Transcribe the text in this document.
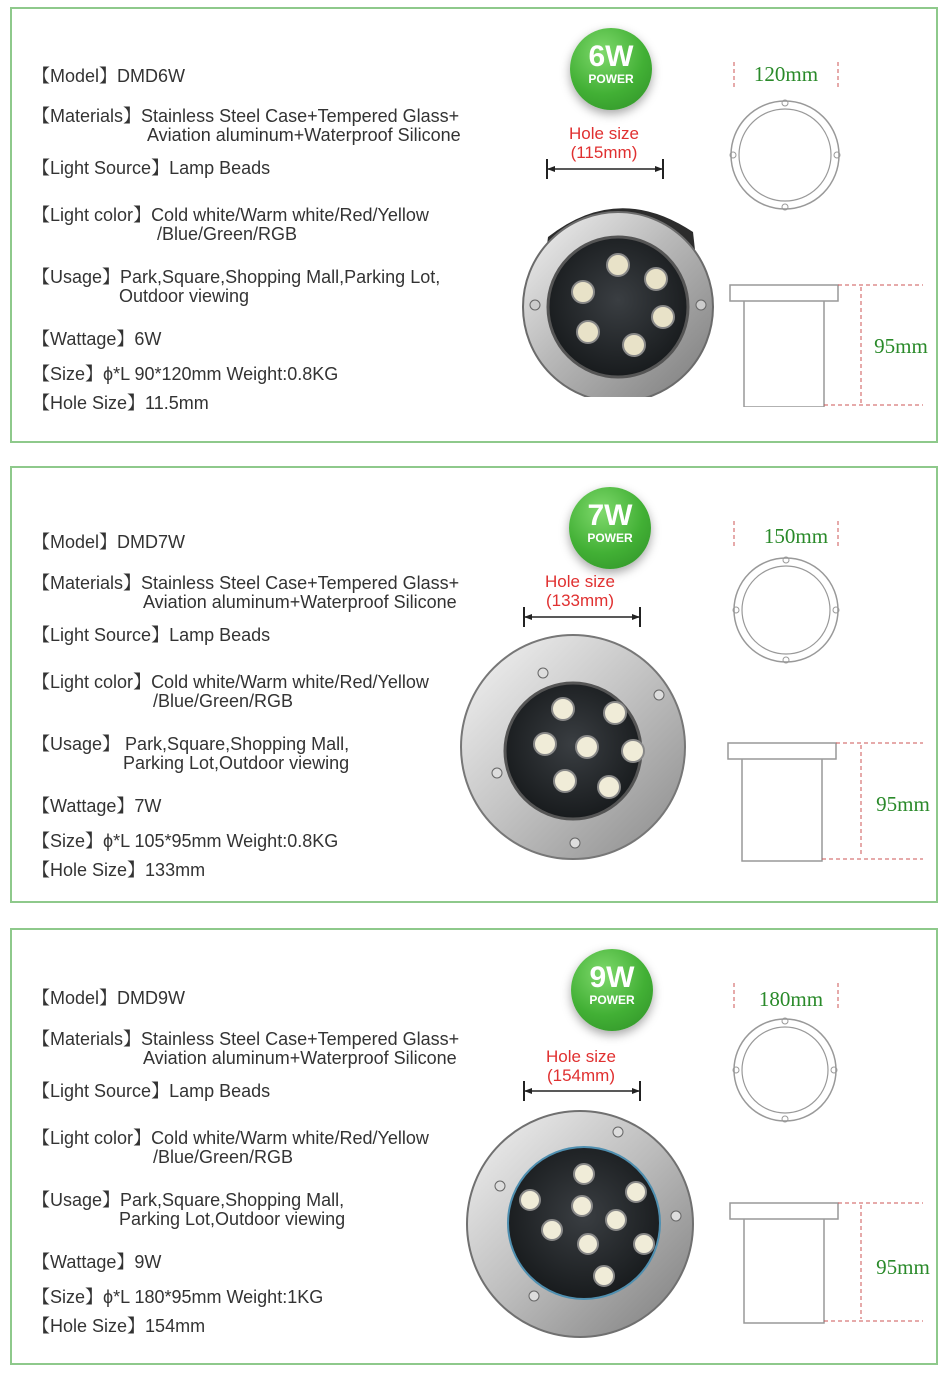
【Model】DMD6W
【Materials】Stainless Steel Case+Tempered Glass+
Aviation aluminum+Waterproof Silicone
【Light Source】Lamp Beads
【Light color】Cold white/Warm white/Red/Yellow
/Blue/Green/RGB
【Usage】Park,Square,Shopping Mall,Parking Lot,
Outdoor viewing
【Wattage】6W
【Size】ϕ*L 90*120mm Weight:0.8KG
【Hole Size】11.5mm
6W
POWER
Hole size
(115mm)
120mm
95mm
【Model】DMD7W
【Materials】Stainless Steel Case+Tempered Glass+
Aviation aluminum+Waterproof Silicone
【Light Source】Lamp Beads
【Light color】Cold white/Warm white/Red/Yellow
/Blue/Green/RGB
【Usage】 Park,Square,Shopping Mall,
Parking Lot,Outdoor viewing
【Wattage】7W
【Size】ϕ*L 105*95mm Weight:0.8KG
【Hole Size】133mm
7W
POWER
Hole size
(133mm)
150mm
95mm
【Model】DMD9W
【Materials】Stainless Steel Case+Tempered Glass+
Aviation aluminum+Waterproof Silicone
【Light Source】Lamp Beads
【Light color】Cold white/Warm white/Red/Yellow
/Blue/Green/RGB
【Usage】Park,Square,Shopping Mall,
Parking Lot,Outdoor viewing
【Wattage】9W
【Size】ϕ*L 180*95mm Weight:1KG
【Hole Size】154mm
9W
POWER
Hole size
(154mm)
180mm
95mm
